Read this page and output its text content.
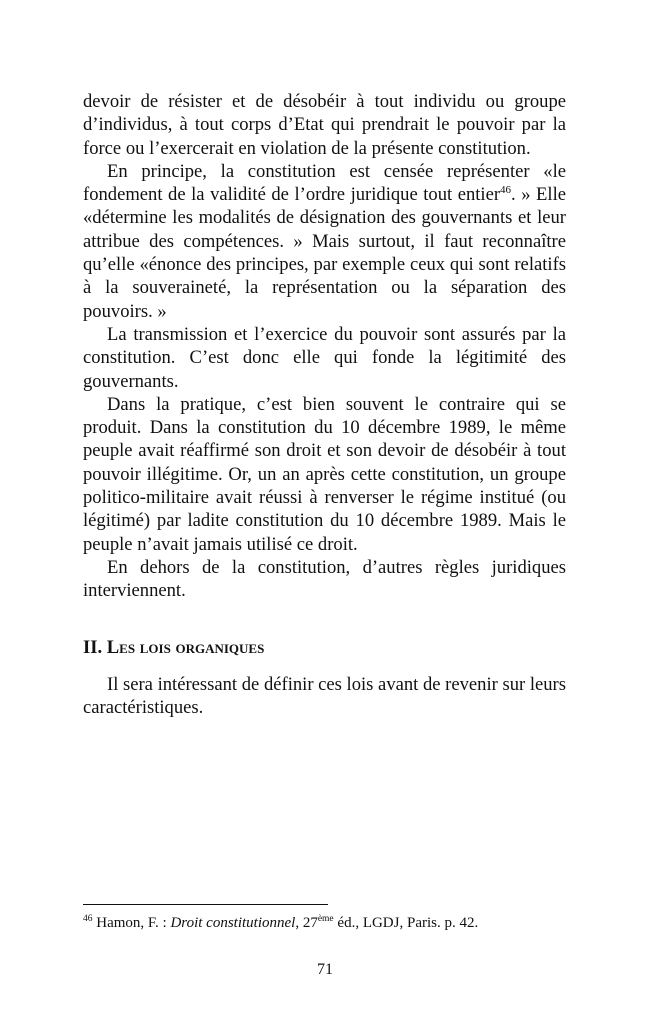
devoir de résister et de désobéir à tout individu ou groupe d’individus, à tout corps d’Etat qui prendrait le pouvoir par la force ou l’exercerait en violation de la présente constitution.

En principe, la constitution est censée représenter «le fondement de la validité de l’ordre juridique tout entier$^{46}$. » Elle «détermine les modalités de désignation des gouvernants et leur attribue des compétences. » Mais surtout, il faut reconnaître qu’elle «énonce des principes, par exemple ceux qui sont relatifs à la souveraineté, la représentation ou la séparation des pouvoirs. »

La transmission et l’exercice du pouvoir sont assurés par la constitution. C’est donc elle qui fonde la légitimité des gouvernants.

Dans la pratique, c’est bien souvent le contraire qui se produit. Dans la constitution du 10 décembre 1989, le même peuple avait réaffirmé son droit et son devoir de désobéir à tout pouvoir illégitime. Or, un an après cette constitution, un groupe politico-militaire avait réussi à renverser le régime institué (ou légitimé) par ladite constitution du 10 décembre 1989. Mais le peuple n’avait jamais utilisé ce droit.

En dehors de la constitution, d’autres règles juridiques interviennent.

II. Les lois organiques

Il sera intéressant de définir ces lois avant de revenir sur leurs caractéristiques.

$^{46}$ Hamon, F. : Droit constitutionnel, 27ème éd., LGDJ, Paris. p. 42.
71
